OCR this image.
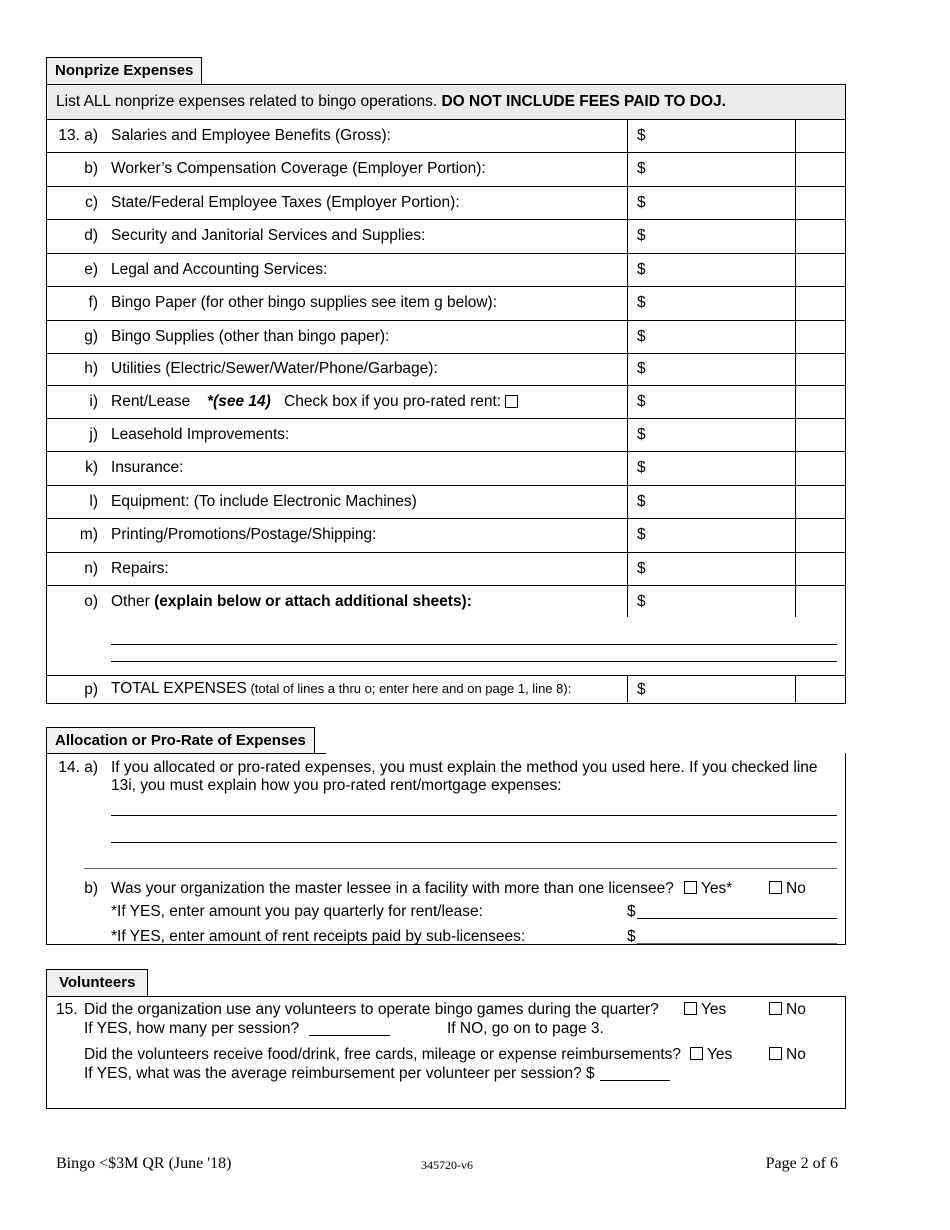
Nonprize Expenses
List ALL nonprize expenses related to bingo operations. DO NOT INCLUDE FEES PAID TO DOJ.
13. a) Salaries and Employee Benefits (Gross):	$
b) Worker’s Compensation Coverage (Employer Portion):	$
c) State/Federal Employee Taxes (Employer Portion):	$
d) Security and Janitorial Services and Supplies:	$
e) Legal and Accounting Services:	$
f) Bingo Paper (for other bingo supplies see item g below):	$
g) Bingo Supplies (other than bingo paper):	$
h) Utilities (Electric/Sewer/Water/Phone/Garbage):	$
i) Rent/Lease *(see 14) Check box if you pro-rated rent:	$
j) Leasehold Improvements:	$
k) Insurance:	$
l) Equipment: (To include Electronic Machines)	$
m) Printing/Promotions/Postage/Shipping:	$
n) Repairs:	$
o) Other (explain below or attach additional sheets):	$
p) TOTAL EXPENSES (total of lines a thru o; enter here and on page 1, line 8):	$
Allocation or Pro-Rate of Expenses
14. a) If you allocated or pro-rated expenses, you must explain the method you used here. If you checked line
13i, you must explain how you pro-rated rent/mortgage expenses:
b) Was your organization the master lessee in a facility with more than one licensee?	Yes*	No
*If YES, enter amount you pay quarterly for rent/lease:	$
*If YES, enter amount of rent receipts paid by sub-licensees:	$
Volunteers
15. Did the organization use any volunteers to operate bingo games during the quarter?	Yes	No
If YES, how many per session?	If NO, go on to page 3.
Did the volunteers receive food/drink, free cards, mileage or expense reimbursements?	Yes	No
If YES, what was the average reimbursement per volunteer per session? $
Bingo <$3M QR (June '18)	345720-v6	Page 2 of 6
